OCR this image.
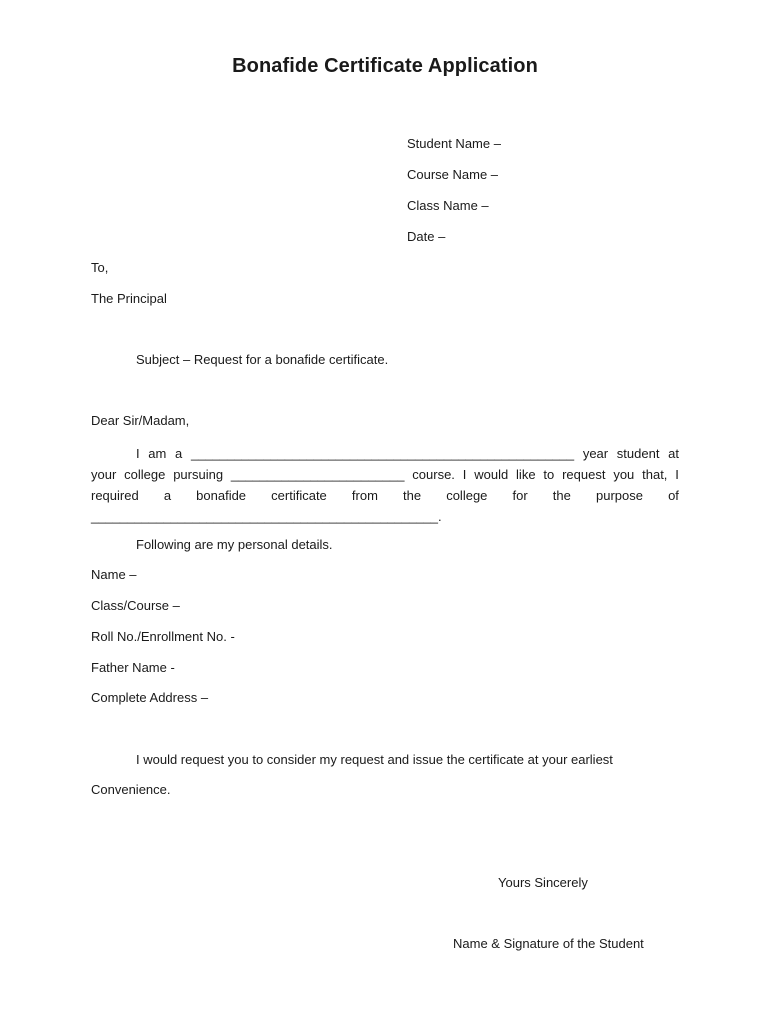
Bonafide Certificate Application
Student Name –
Course Name –
Class Name –
Date –
To,
The Principal
Subject – Request for a bonafide certificate.
Dear Sir/Madam,
I am a _____________________________________________________ year student at
your college pursuing ________________________ course. I would like to request you that, I
required a bonafide certificate from the college for the purpose of
________________________________________________.
Following are my personal details.
Name –
Class/Course –
Roll No./Enrollment No. -
Father Name -
Complete Address –
I would request you to consider my request and issue the certificate at your earliest
Convenience.
Yours Sincerely
Name & Signature of the Student
